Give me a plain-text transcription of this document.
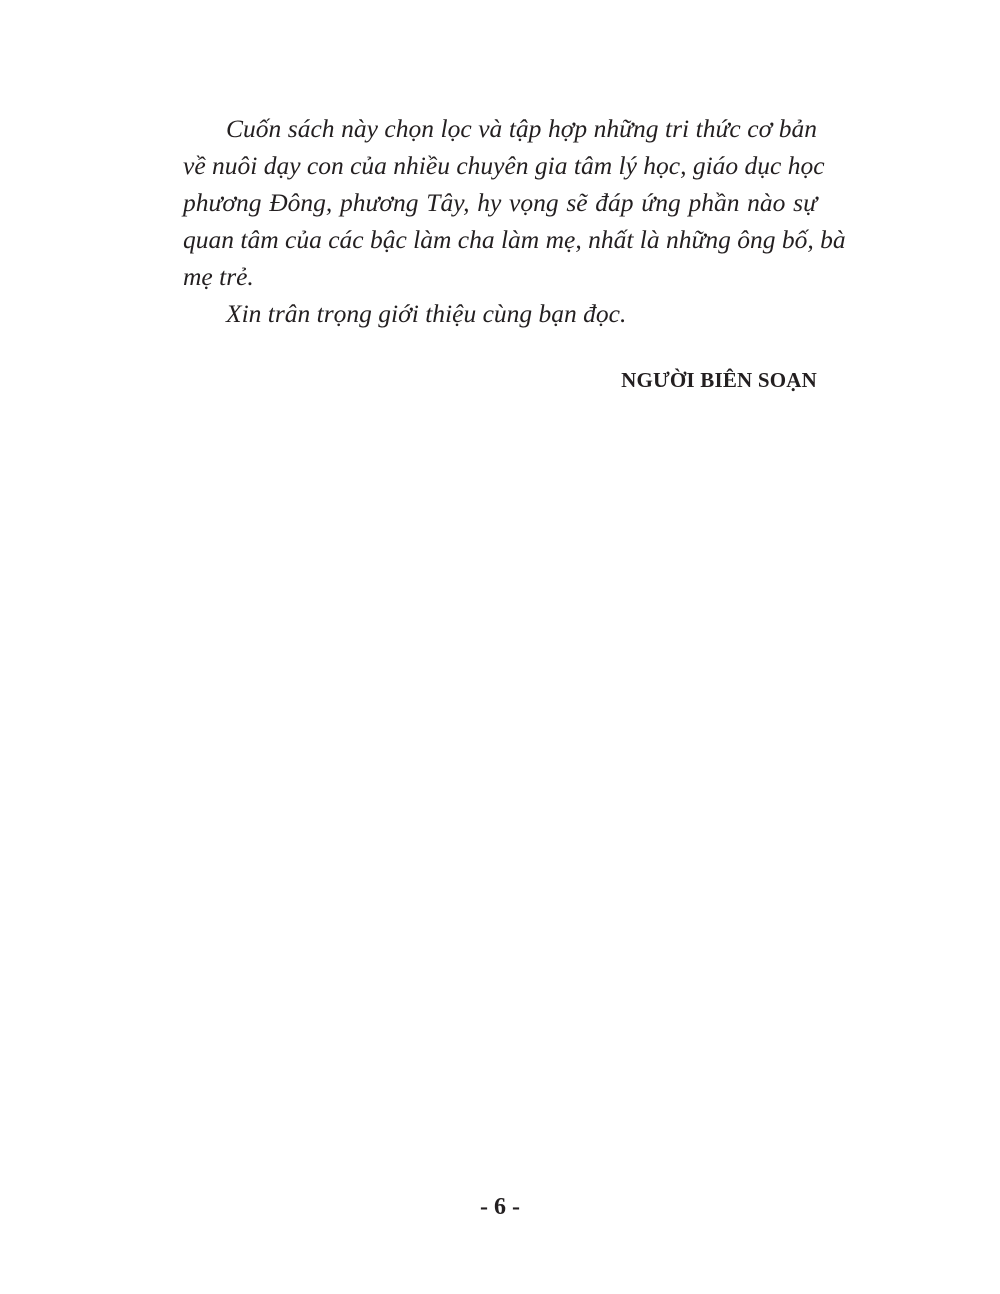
Cuốn sách này chọn lọc và tập hợp những tri thức cơ bản
về nuôi dạy con của nhiều chuyên gia tâm lý học, giáo dục học
phương Đông, phương Tây, hy vọng sẽ đáp ứng phần nào sự
quan tâm của các bậc làm cha làm mẹ, nhất là những ông bố, bà
mẹ trẻ.
Xin trân trọng giới thiệu cùng bạn đọc.
NGƯỜI BIÊN SOẠN
- 6 -
